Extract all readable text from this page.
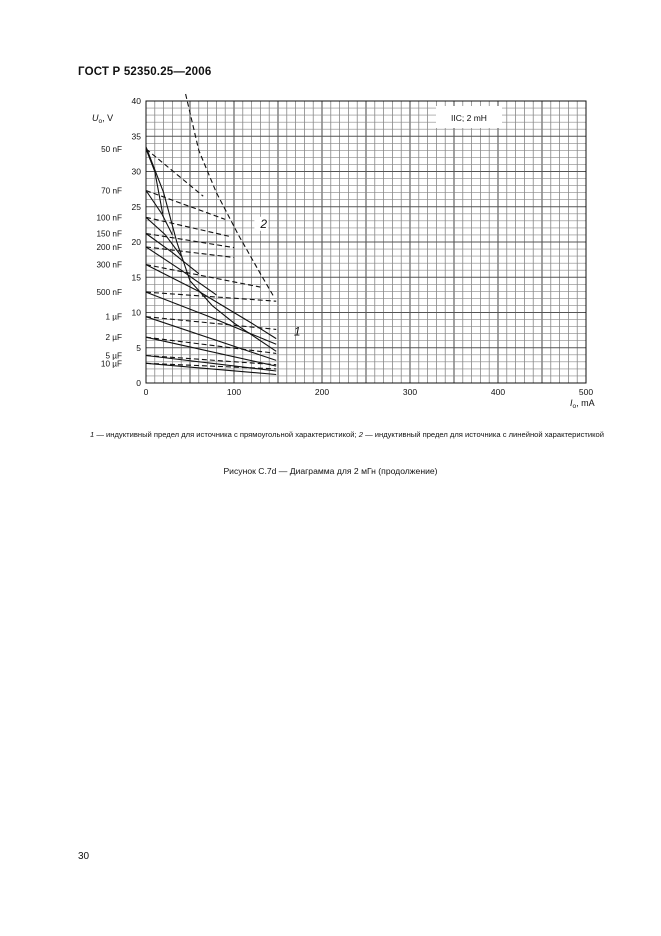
ГОСТ Р 52350.25—2006
0	100	200	300	400	500
0
5
10
15
20
25
30
35
40
50 nF
70 nF
100 nF
150 nF
200 nF
300 nF
500 nF
1 µF
2 µF
5 µF
10 µF
1
2
IIC; 2 mH
$U_o$, V
$I_o$, mA
1 — индуктивный предел для источника с прямоугольной характеристикой; 2 — индуктивный предел для источника с линейной характеристикой
Рисунок С.7d — Диаграмма для 2 мГн (продолжение)
30
